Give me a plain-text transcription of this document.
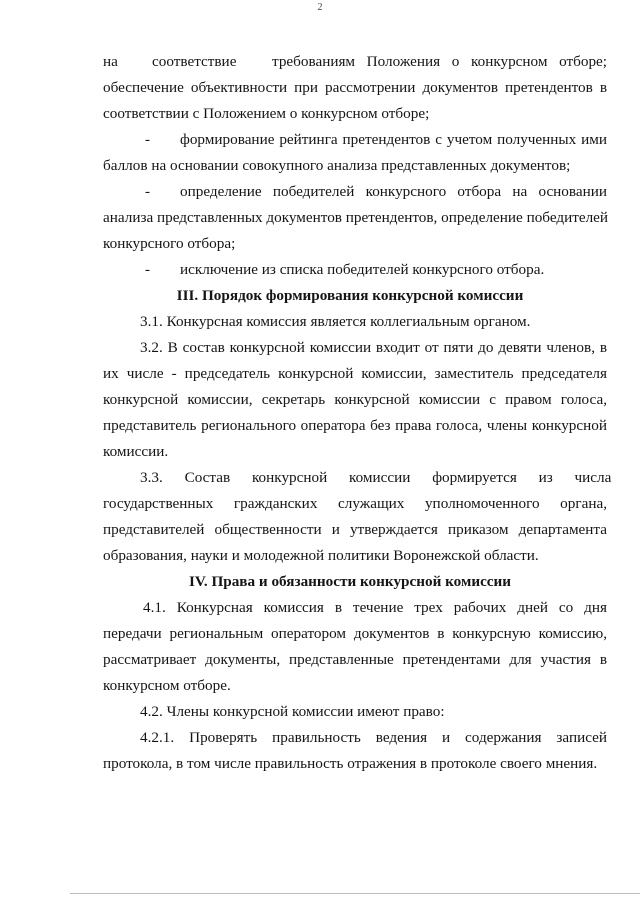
2
на соответствие требованиям Положения о конкурсном отборе;
обеспечение объективности при рассмотрении документов претендентов в
соответствии с Положением о конкурсном отборе;
- формирование рейтинга претендентов с учетом полученных ими
баллов на основании совокупного анализа представленных документов;
- определение победителей конкурсного отбора на основании
анализа представленных документов претендентов, определение победителей
конкурсного отбора;
- исключение из списка победителей конкурсного отбора.
III. Порядок формирования конкурсной комиссии
3.1. Конкурсная комиссия является коллегиальным органом.
3.2. В состав конкурсной комиссии входит от пяти до девяти членов, в
их числе - председатель конкурсной комиссии, заместитель председателя
конкурсной комиссии, секретарь конкурсной комиссии с правом голоса,
представитель регионального оператора без права голоса, члены конкурсной
комиссии.
3.3. Состав конкурсной комиссии формируется из числа
государственных гражданских служащих уполномоченного органа,
представителей общественности и утверждается приказом департамента
образования, науки и молодежной политики Воронежской области.
IV. Права и обязанности конкурсной комиссии
4.1. Конкурсная комиссия в течение трех рабочих дней со дня
передачи региональным оператором документов в конкурсную комиссию,
рассматривает документы, представленные претендентами для участия в
конкурсном отборе.
4.2. Члены конкурсной комиссии имеют право:
4.2.1. Проверять правильность ведения и содержания записей
протокола, в том числе правильность отражения в протоколе своего мнения.
